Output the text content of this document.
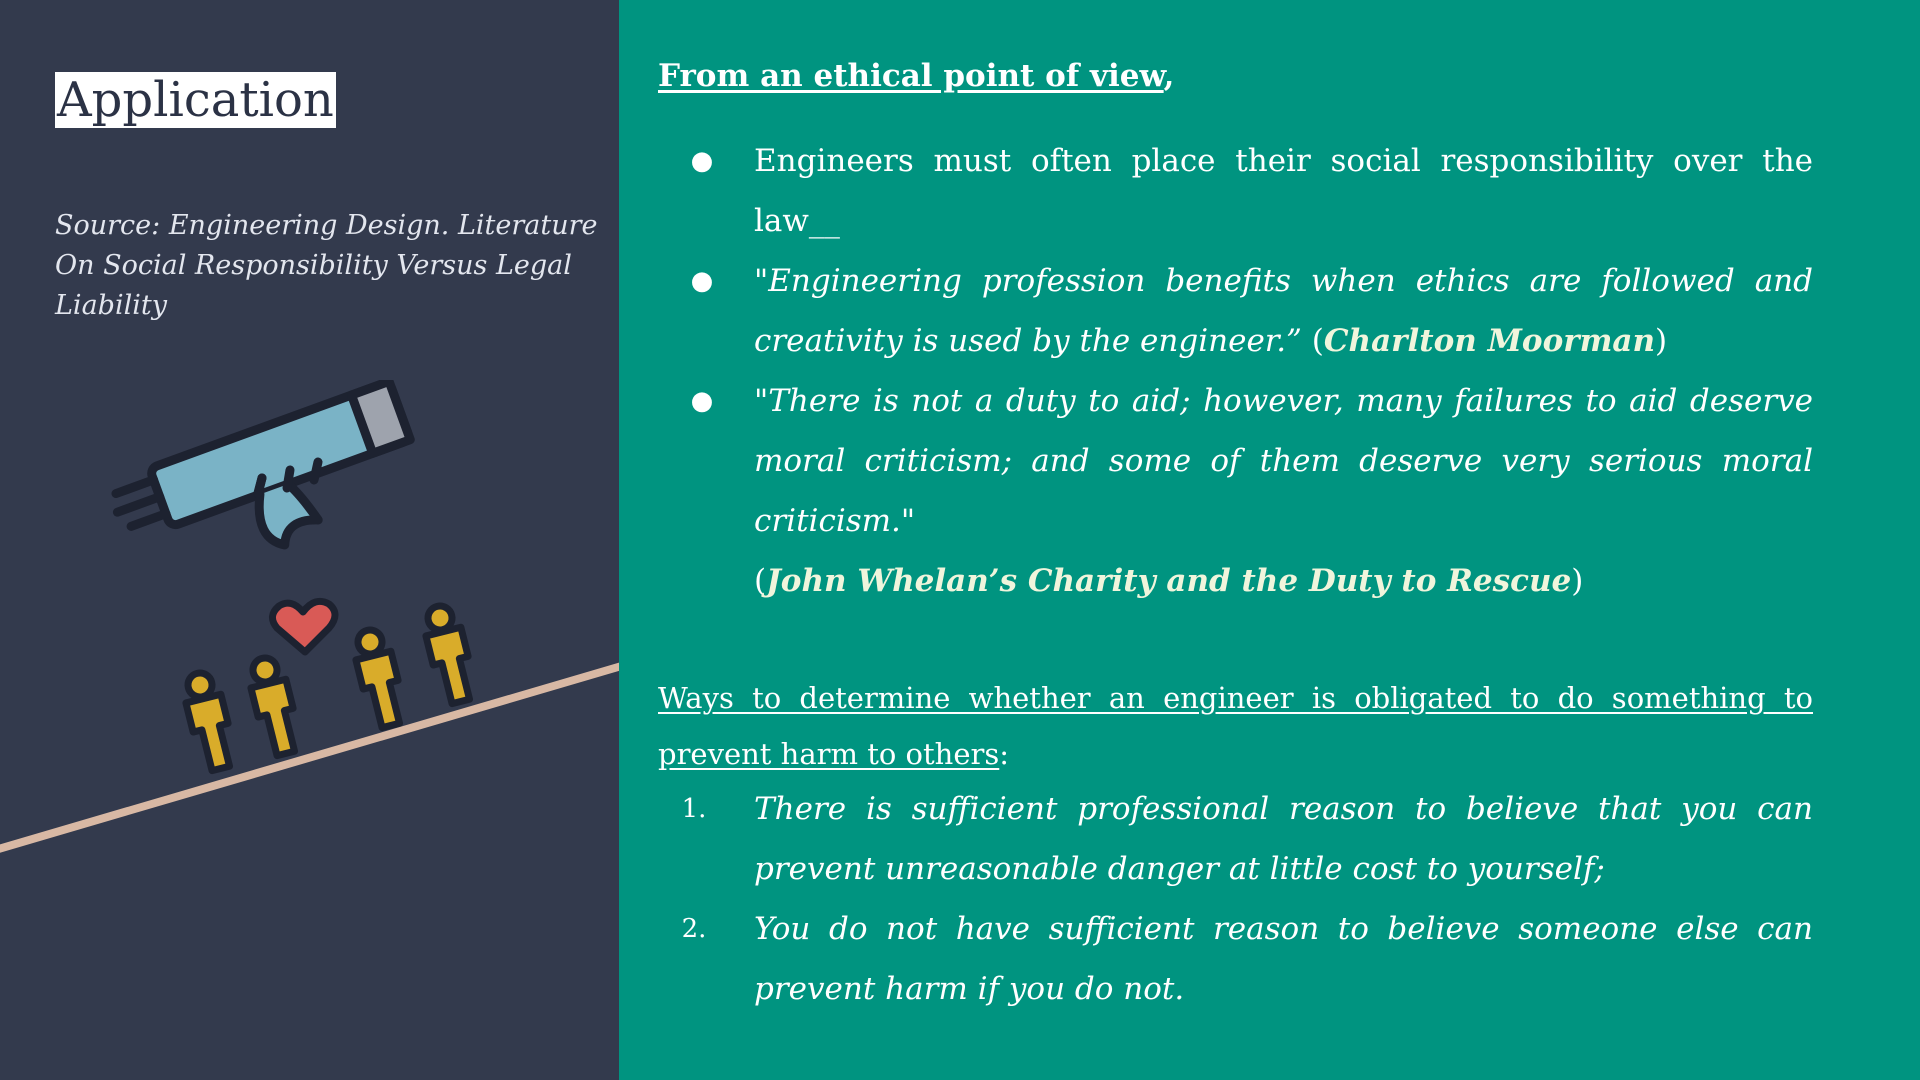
Application
Source: Engineering Design. Literature On Social Responsibility Versus Legal Liability
From an ethical point of view,
● Engineers must often place their social responsibility over the law__
● "Engineering profession benefits when ethics are followed and creativity is used by the engineer.” (Charlton Moorman)
● "There is not a duty to aid; however, many failures to aid deserve moral criticism; and some of them deserve very serious moral criticism."
(John Whelan’s Charity and the Duty to Rescue)
Ways to determine whether an engineer is obligated to do something to prevent harm to others:
1. There is sufficient professional reason to believe that you can prevent unreasonable danger at little cost to yourself;
2. You do not have sufficient reason to believe someone else can prevent harm if you do not.
